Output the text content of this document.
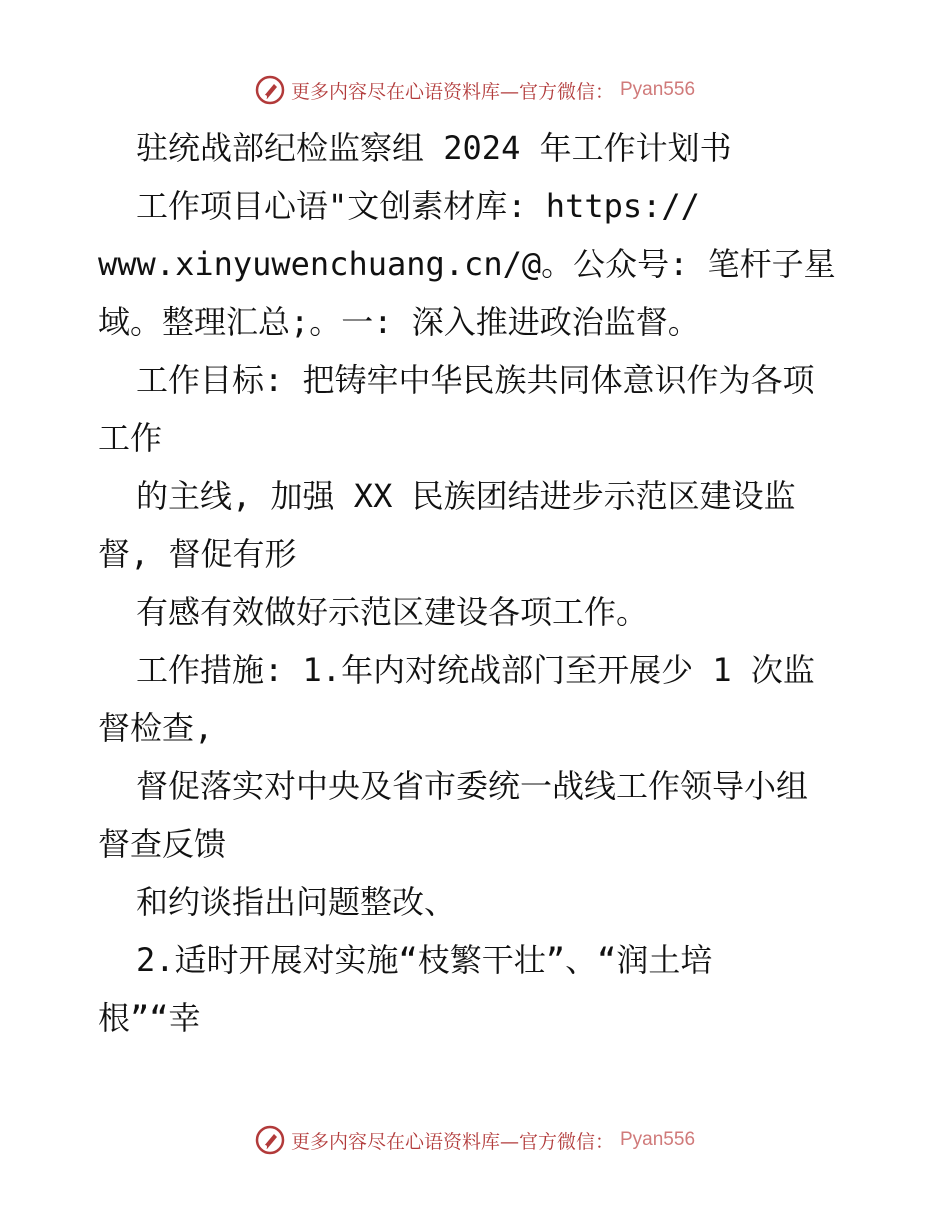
更多内容尽在心语资料库—官方微信： Pyan556
驻统战部纪检监察组 2024 年工作计划书
工作项目心语"文创素材库: https://
www.xinyuwenchuang.cn/@。公众号: 笔杆子星
域。整理汇总;。一: 深入推进政治监督。
工作目标: 把铸牢中华民族共同体意识作为各项
工作
的主线, 加强 XX 民族团结进步示范区建设监
督, 督促有形
有感有效做好示范区建设各项工作。
工作措施: 1.年内对统战部门至开展少 1 次监
督检查,
督促落实对中央及省市委统一战线工作领导小组
督查反馈
和约谈指出问题整改、
2.适时开展对实施“枝繁干壮”、“润土培
根”“幸
更多内容尽在心语资料库—官方微信： Pyan556
